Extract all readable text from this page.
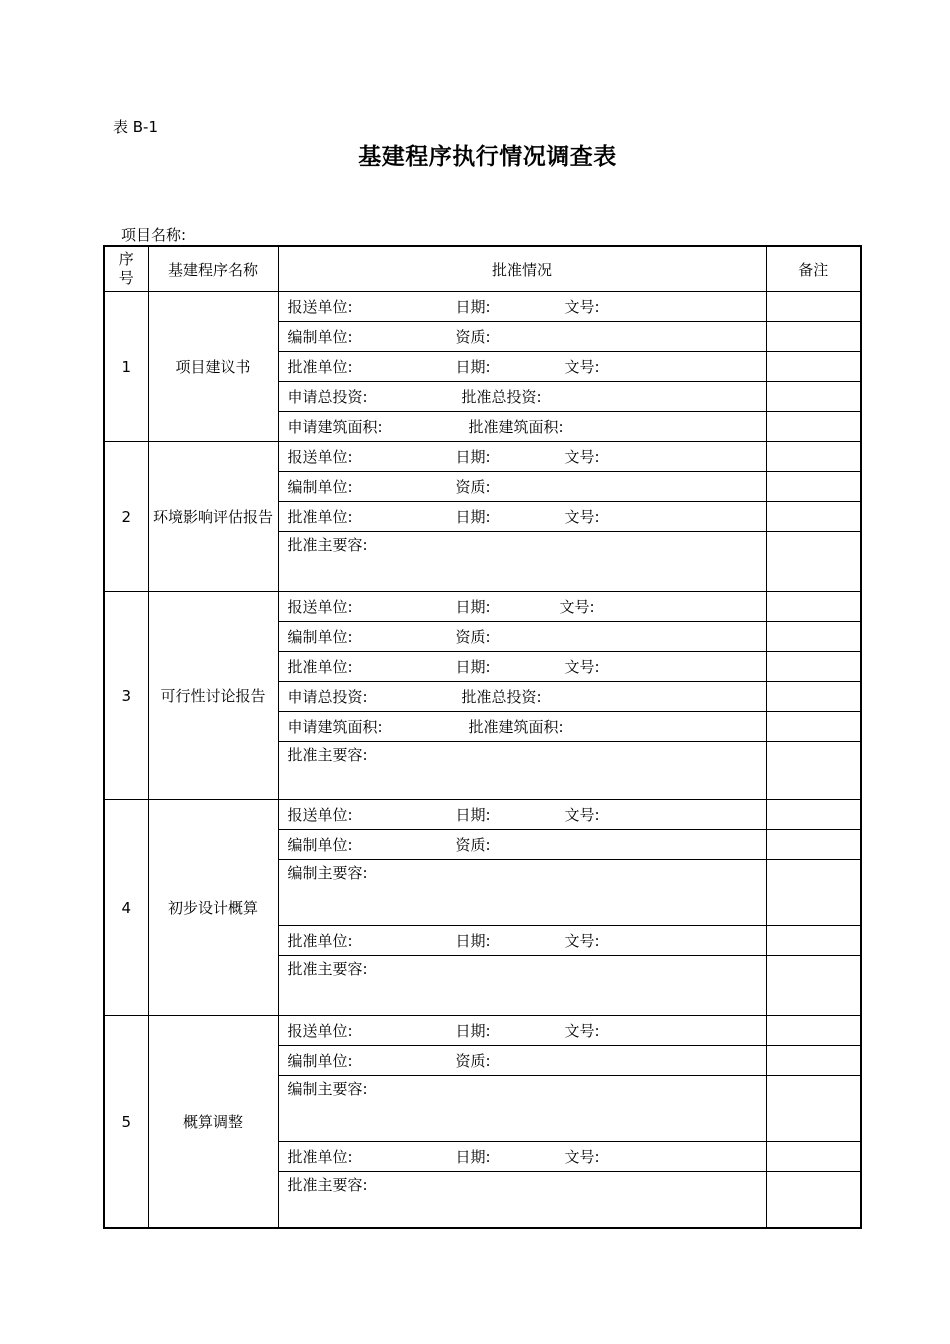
表 B-1
基建程序执行情况调查表
项目名称:
序号	基建程序名称	批准情况	备注
1	项目建议书	报送单位: 日期: 文号:	
		编制单位: 资质:	
		批准单位: 日期: 文号:	
		申请总投资: 批准总投资:	
		申请建筑面积: 批准建筑面积:	
2	环境影响评估报告	报送单位: 日期: 文号:	
		编制单位: 资质:	
		批准单位: 日期: 文号:	
		批准主要容:	
3	可行性讨论报告	报送单位: 日期: 文号:	
		编制单位: 资质:	
		批准单位: 日期: 文号:	
		申请总投资: 批准总投资:	
		申请建筑面积: 批准建筑面积:	
		批准主要容:	
4	初步设计概算	报送单位: 日期: 文号:	
		编制单位: 资质:	
		编制主要容:	
		批准单位: 日期: 文号:	
		批准主要容:	
5	概算调整	报送单位: 日期: 文号:	
		编制单位: 资质:	
		编制主要容:	
		批准单位: 日期: 文号:	
		批准主要容:	
